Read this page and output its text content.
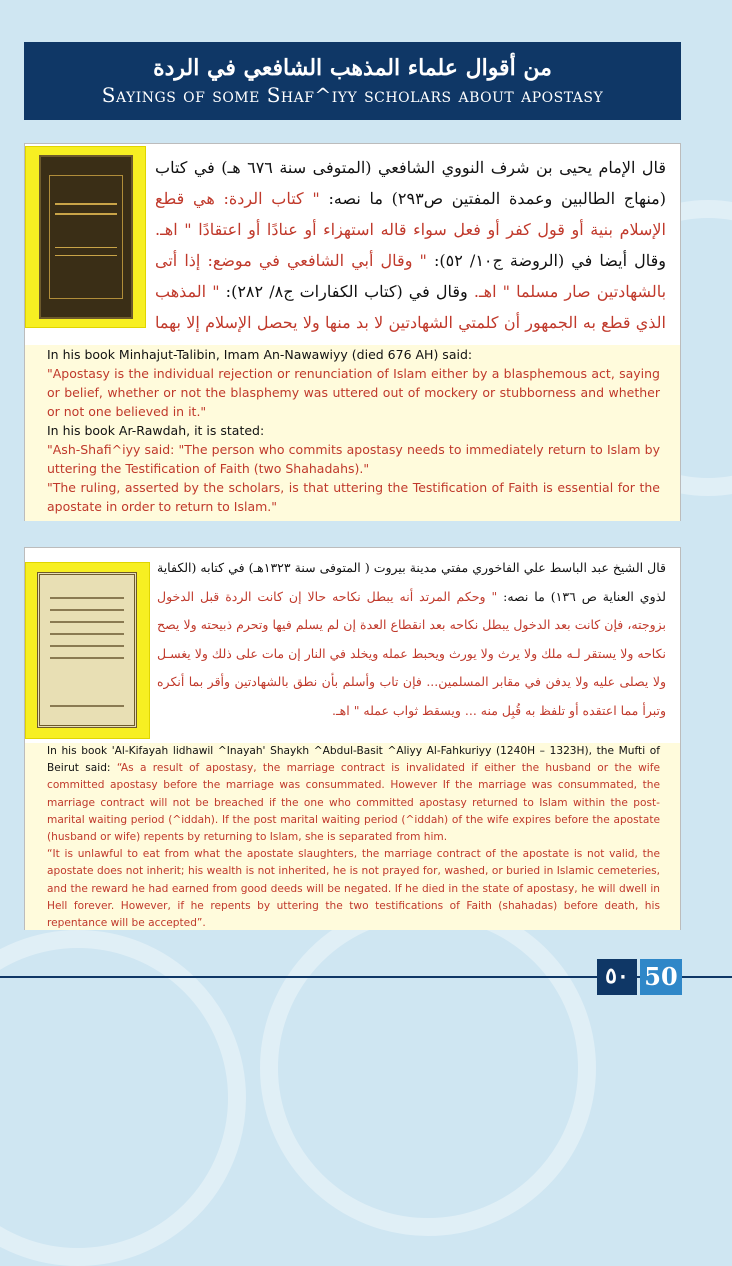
من أقوال علماء المذهب الشافعي في الردة
Sayings of some Shaf^iyy scholars about apostasy
قال الإمام يحيى بن شرف النووي الشافعي (المتوفى سنة ٦٧٦ هـ) في كتاب (منهاج الطالبين وعمدة المفتين ص٢٩٣) ما نصه: " كتاب الردة: هي قطع الإسلام بنية أو قول كفر أو فعل سواء قاله استهزاء أو عنادًا أو اعتقادًا " اهـ. وقال أيضا في (الروضة ج١٠/ ٥٢): " وقال أبي الشافعي في موضع: إذا أتى بالشهادتين صار مسلما " اهـ. وقال في (كتاب الكفارات ج٨/ ٢٨٢): " المذهب الذي قطع به الجمهور أن كلمتي الشهادتين لا بد منها ولا يحصل الإسلام إلا بهما

In his book Minhajut-Talibin, Imam An-Nawawiyy (died 676 AH) said:

"Apostasy is the individual rejection or renunciation of Islam either by a blasphemous act, saying or belief, whether or not the blasphemy was uttered out of mockery or stubborness and whether or not one believed in it."

In his book Ar-Rawdah, it is stated:

"Ash-Shafi^iyy said: "The person who commits apostasy needs to immediately return to Islam by uttering the Testification of Faith (two Shahadahs)."

"The ruling, asserted by the scholars, is that uttering the Testification of Faith is essential for the apostate in order to return to Islam."

قال الشيخ عبد الباسط علي الفاخوري مفتي مدينة بيروت ( المتوفى سنة ١٣٢٣هـ) في كتابه (الكفاية لذوي العناية ص ١٣٦) ما نصه: " وحكم المرتد أنه يبطل نكاحه حالا إن كانت الردة قبل الدخول بزوجته، فإن كانت بعد الدخول يبطل نكاحه بعد انقطاع العدة إن لم يسلم فيها وتحرم ذبيحته ولا يصح نكاحه ولا يستقر لـه ملك ولا يرث ولا يورث ويحبط عمله ويخلد في النار إن مات على ذلك ولا يغسـل ولا يصلى عليه ولا يدفن في مقابر المسلمين... فإن تاب وأسلم بأن نطق بالشهادتين وأقر بما أنكره وتبرأ مما اعتقده أو تلفظ به قُبِل منه ... ويسقط ثواب عمله " اهـ.

In his book 'Al-Kifayah lidhawil ^Inayah' Shaykh ^Abdul-Basit ^Aliyy Al-Fahkuriyy (1240H – 1323H), the Mufti of Beirut said: “As a result of apostasy, the marriage contract is invalidated if either the husband or the wife committed apostasy before the marriage was consummated. However If the marriage was consummated, the marriage contract will not be breached if the one who committed apostasy returned to Islam within the post-marital waiting period (^iddah). If the post marital waiting period (^iddah) of the wife expires before the apostate (husband or wife) repents by returning to Islam, she is separated from him.

“It is unlawful to eat from what the apostate slaughters, the marriage contract of the apostate is not valid, the apostate does not inherit; his wealth is not inherited, he is not prayed for, washed, or buried in Islamic cemeteries, and the reward he had earned from good deeds will be negated. If he died in the state of apostasy, he will dwell in Hell forever. However, if he repents by uttering the two testifications of Faith (shahadas) before death, his repentance will be accepted”.

٥٠ 50
